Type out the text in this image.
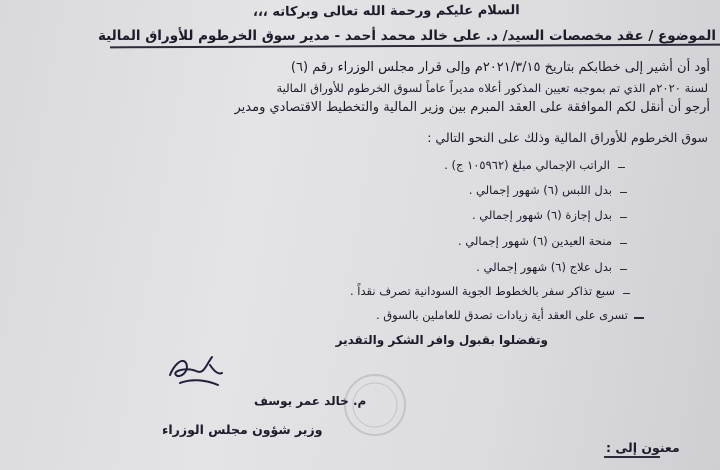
السلام عليكم ورحمة الله تعالى وبركاته ،،،
الموضوع / عقد مخصصات السيد/ د. على خالد محمد أحمد - مدير سوق الخرطوم للأوراق المالية
أود أن أشير إلى خطابكم بتاريخ ٢٠٢١/٣/١٥م وإلى قرار مجلس الوزراء رقم (٦)
لسنة ٢٠٢٠م الذي تم بموجبه تعيين المذكور أعلاه مديراً عاماً لسوق الخرطوم للأوراق المالية
أرجو أن أنقل لكم الموافقة على العقد المبرم بين وزير المالية والتخطيط الاقتصادي ومدير
سوق الخرطوم للأوراق المالية وذلك على النحو التالي :
الراتب الإجمالي مبلغ (١٠٥٩٦٢ ج) .
بدل اللبس (٦) شهور إجمالي .
بدل إجازة (٦) شهور إجمالي .
منحة العيدين (٦) شهور إجمالي .
بدل علاج (٦) شهور إجمالي .
سبع تذاكر سفر بالخطوط الجوية السودانية تصرف نقداً .
تسرى على العقد أية زيادات تصدق للعاملين بالسوق .
وتفضلوا بقبول وافر الشكر والتقدير
م. خالد عمر يوسف
وزير شؤون مجلس الوزراء
معنون إلى :
